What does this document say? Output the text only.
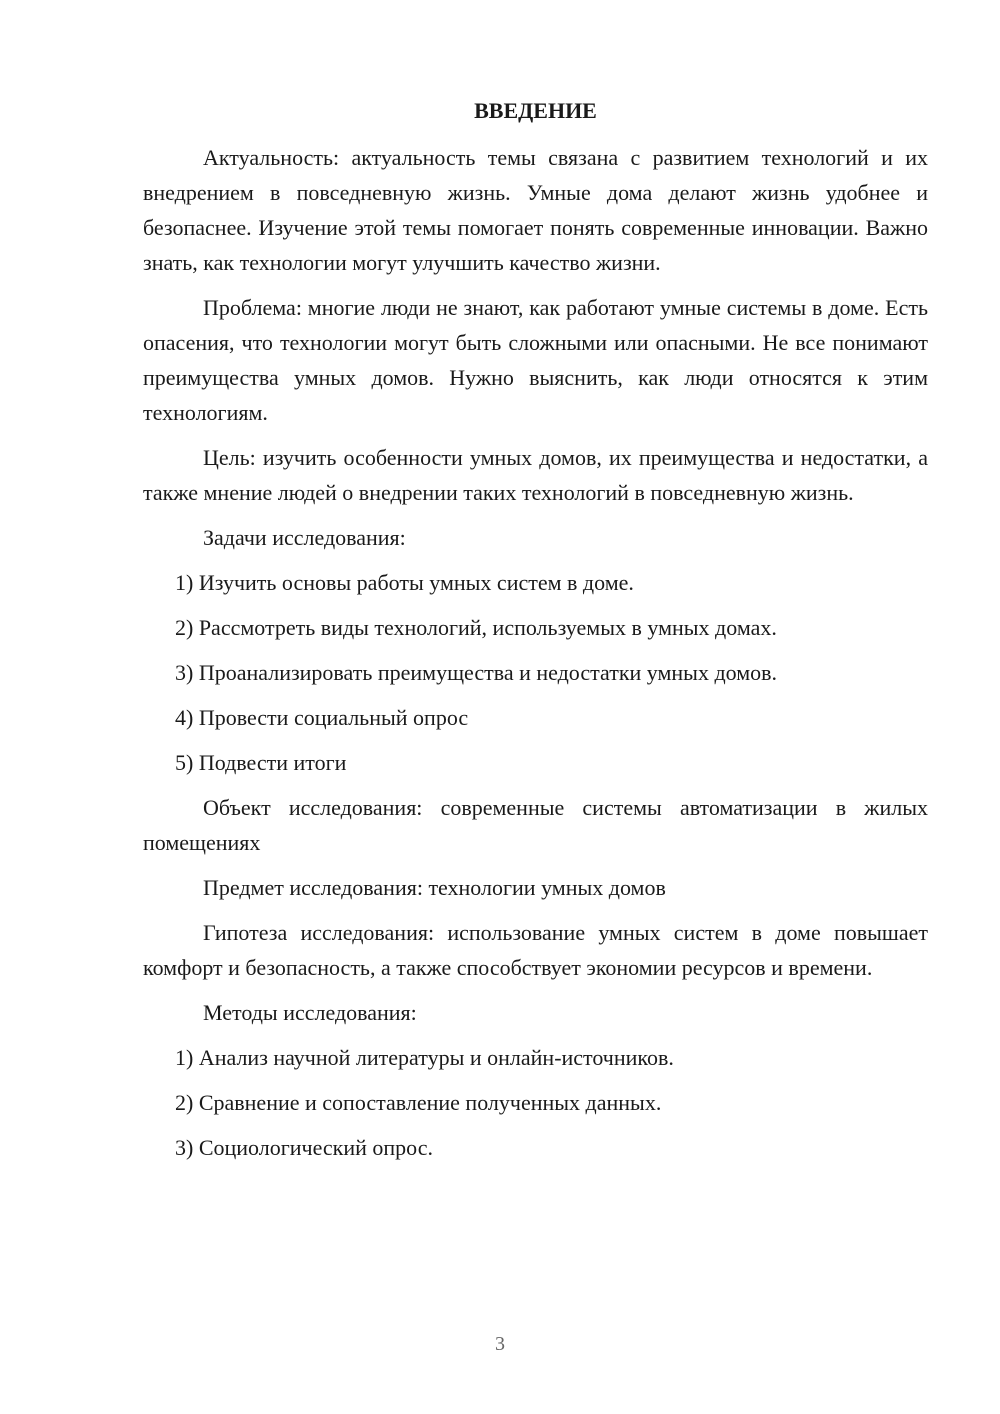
ВВЕДЕНИЕ

Актуальность: актуальность темы связана с развитием технологий и их внедрением в повседневную жизнь. Умные дома делают жизнь удобнее и безопаснее. Изучение этой темы помогает понять современные инновации. Важно знать, как технологии могут улучшить качество жизни.

Проблема: многие люди не знают, как работают умные системы в доме. Есть опасения, что технологии могут быть сложными или опасными. Не все понимают преимущества умных домов. Нужно выяснить, как люди относятся к этим технологиям.

Цель: изучить особенности умных домов, их преимущества и недостатки, а также мнение людей о внедрении таких технологий в повседневную жизнь.

Задачи исследования:

1) Изучить основы работы умных систем в доме.
2) Рассмотреть виды технологий, используемых в умных домах.
3) Проанализировать преимущества и недостатки умных домов.
4) Провести социальный опрос
5) Подвести итоги

Объект исследования: современные системы автоматизации в жилых помещениях

Предмет исследования: технологии умных домов

Гипотеза исследования: использование умных систем в доме повышает комфорт и безопасность, а также способствует экономии ресурсов и времени.

Методы исследования:

1) Анализ научной литературы и онлайн-источников.
2) Сравнение и сопоставление полученных данных.
3) Социологический опрос.
3
